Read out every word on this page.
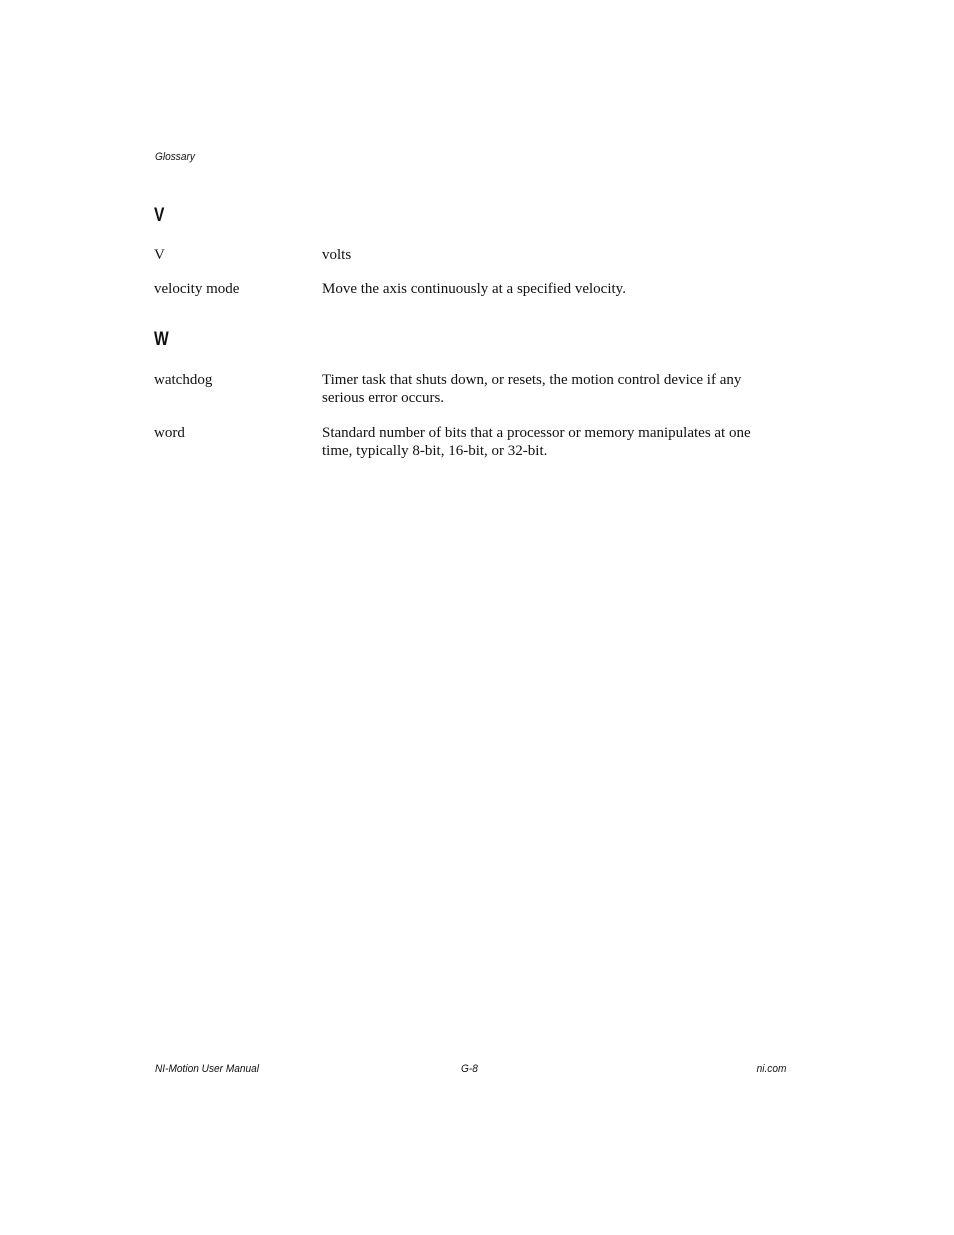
Glossary
V
V	volts
velocity mode	Move the axis continuously at a specified velocity.
W
watchdog	Timer task that shuts down, or resets, the motion control device if any serious error occurs.
word	Standard number of bits that a processor or memory manipulates at one time, typically 8-bit, 16-bit, or 32-bit.
NI-Motion User Manual	G-8	ni.com
